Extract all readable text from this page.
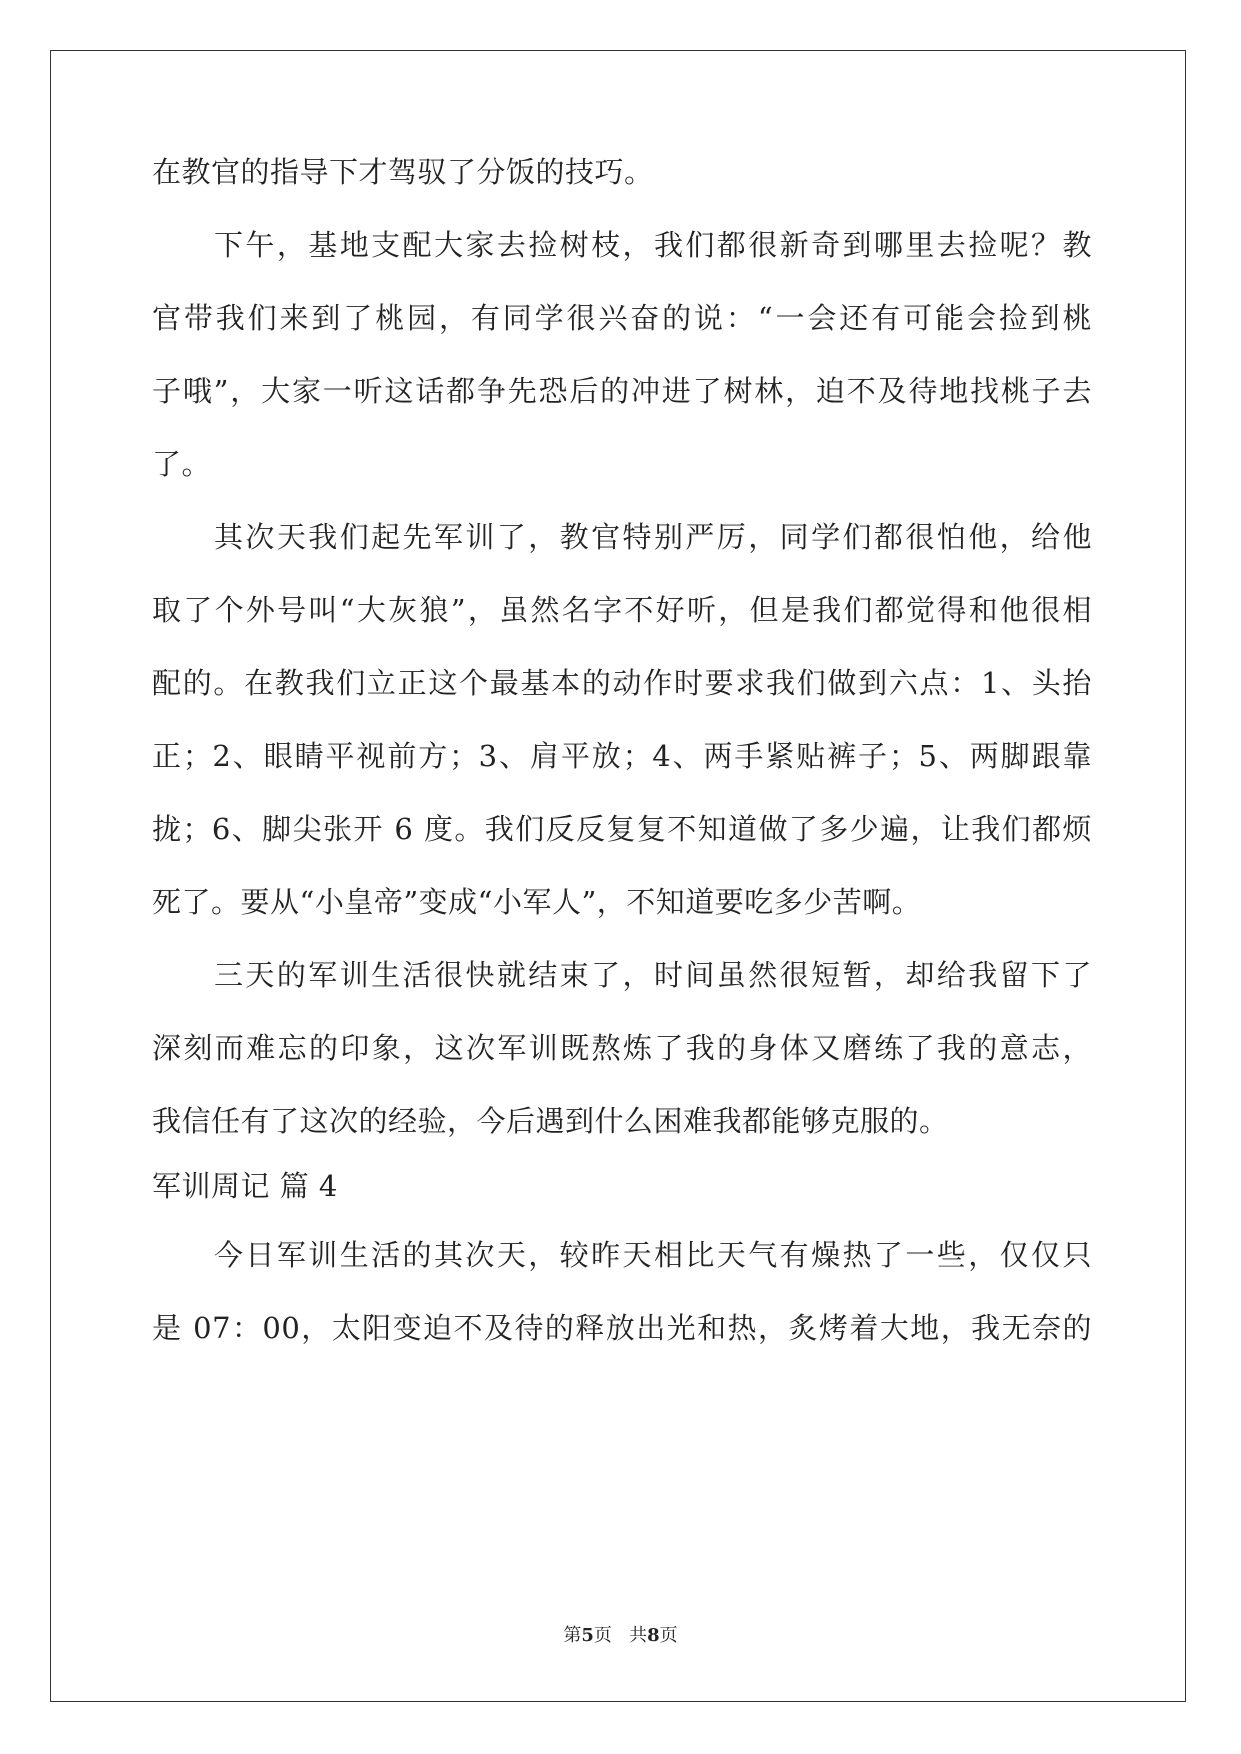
在教官的指导下才驾驭了分饭的技巧。
下午，基地支配大家去捡树枝，我们都很新奇到哪里去捡呢？教
官带我们来到了桃园，有同学很兴奋的说：“一会还有可能会捡到桃
子哦”，大家一听这话都争先恐后的冲进了树林，迫不及待地找桃子去
了。
其次天我们起先军训了，教官特别严厉，同学们都很怕他，给他
取了个外号叫“大灰狼”，虽然名字不好听，但是我们都觉得和他很相
配的。在教我们立正这个最基本的动作时要求我们做到六点：1、头抬
正；2、眼睛平视前方；3、肩平放；4、两手紧贴裤子；5、两脚跟靠
拢；6、脚尖张开 6 度。我们反反复复不知道做了多少遍，让我们都烦
死了。要从“小皇帝”变成“小军人”，不知道要吃多少苦啊。
三天的军训生活很快就结束了，时间虽然很短暂，却给我留下了
深刻而难忘的印象，这次军训既熬炼了我的身体又磨练了我的意志，
我信任有了这次的经验，今后遇到什么困难我都能够克服的。
军训周记 篇 4
今日军训生活的其次天，较昨天相比天气有燥热了一些，仅仅只
是 07：00，太阳变迫不及待的释放出光和热，炙烤着大地，我无奈的
第5页   共8页
